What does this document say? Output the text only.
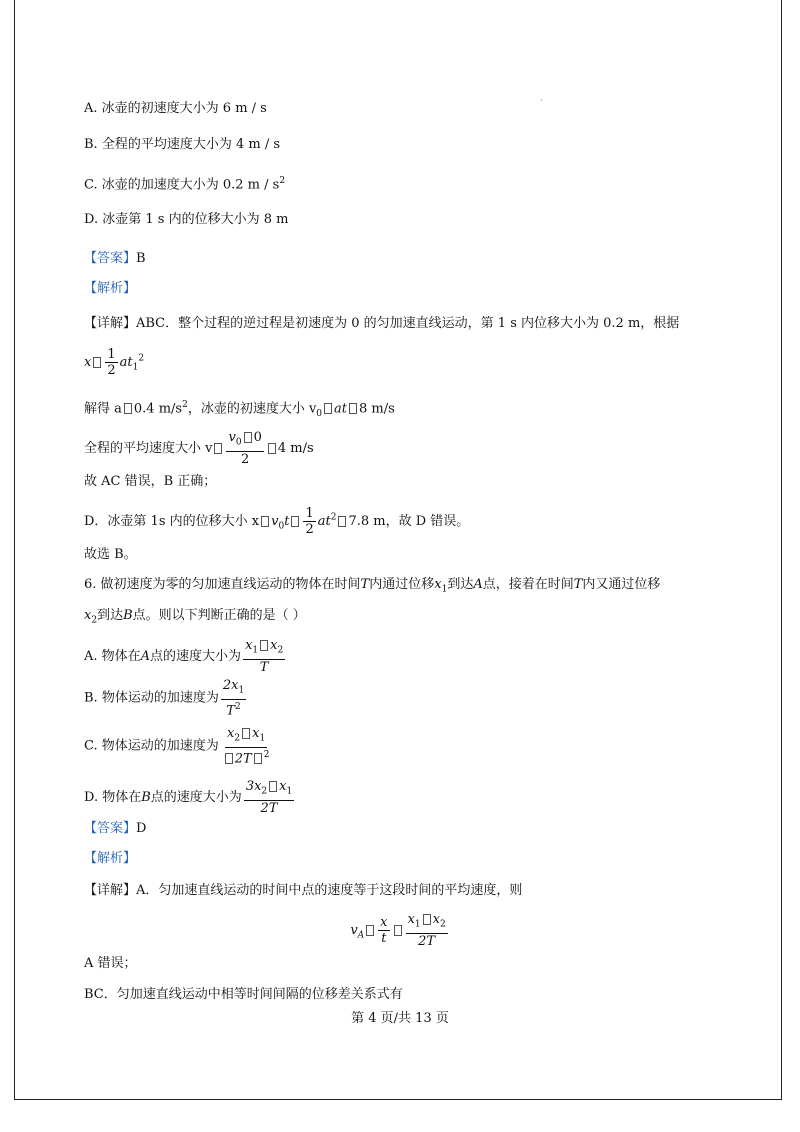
·
A. 冰壶的初速度大小为 6 m / s
B. 全程的平均速度大小为 4 m / s
C. 冰壶的加速度大小为 0.2 m / $s^2$
D. 冰壶第 1 s 内的位移大小为 8 m
【答案】B
【解析】
【详解】ABC．整个过程的逆过程是初速度为 0 的匀加速直线运动，第 1 s 内位移大小为 0.2 m，根据
x $\frac{1}{2} at_1^2$
解得 a 0.4 $m/s^2$，冰壶的初速度大小 $v_0$ at 8 m/s
全程的平均速度大小 v $\frac{v_0 0}{2} 4$ m/s
故 AC 错误，B 正确；
D．冰壶第 1s 内的位移大小 x $v_0t \frac{1}{2} at^2$ 7.8 m，故 D 错误。
故选 B。
6. 做初速度为零的匀加速直线运动的物体在时间T内通过位移$x_1$到达A点，接着在时间T内又通过位移
$x_2$到达B点。则以下判断正确的是（ ）
A. 物体在A点的速度大小为 $\frac{x_1 x_2}{T}$
B. 物体运动的加速度为 $\frac{2x_1}{T^2}$
C. 物体运动的加速度为 $\frac{x_2 x_1}{2T ^2}$
D. 物体在B点的速度大小为 $\frac{3x_2 x_1}{2T}$
【答案】D
【解析】
【详解】A．匀加速直线运动的时间中点的速度等于这段时间的平均速度，则
$v_A \frac{x}{t} \frac{x_1 x_2}{2T}$
A 错误；
BC．匀加速直线运动中相等时间间隔的位移差关系式有
第 4 页/共 13 页
